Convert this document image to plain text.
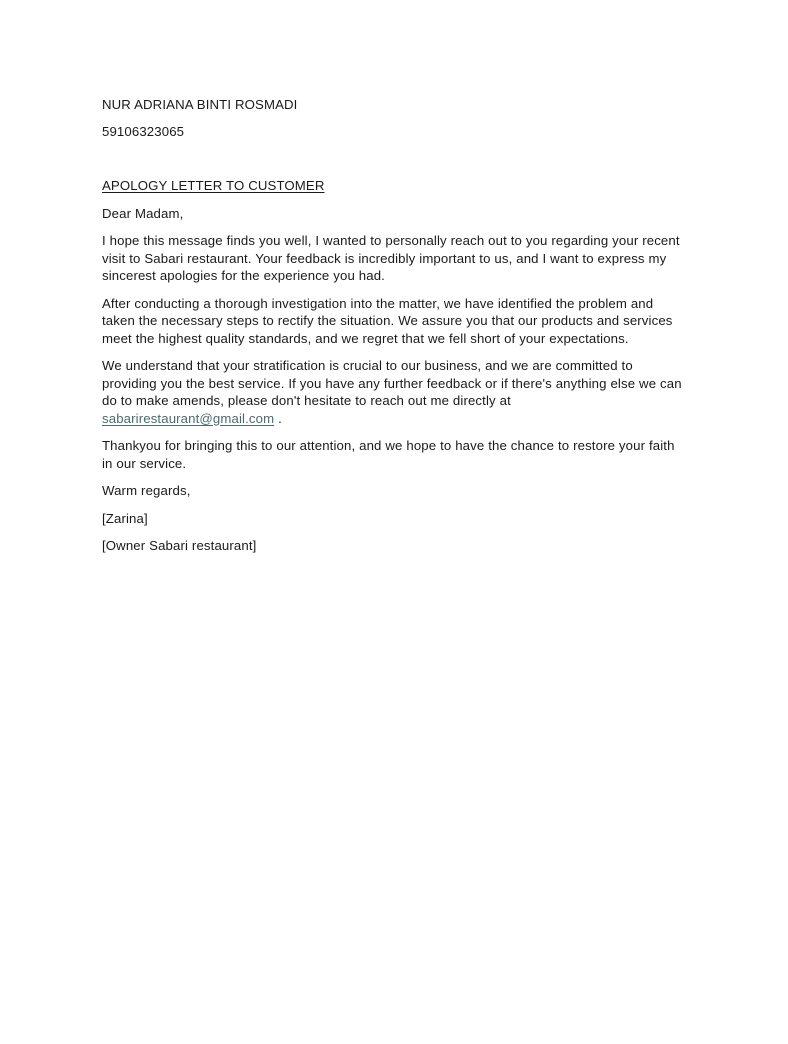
NUR ADRIANA BINTI ROSMADI

59106323065

APOLOGY LETTER TO CUSTOMER

Dear Madam,

I hope this message finds you well, I wanted to personally reach out to you regarding your recent visit to Sabari restaurant. Your feedback is incredibly important to us, and I want to express my sincerest apologies for the experience you had.

After conducting a thorough investigation into the matter, we have identified the problem and taken the necessary steps to rectify the situation. We assure you that our products and services meet the highest quality standards, and we regret that we fell short of your expectations.

We understand that your stratification is crucial to our business, and we are committed to providing you the best service. If you have any further feedback or if there's anything else we can do to make amends, please don't hesitate to reach out me directly at sabarirestaurant@gmail.com .

Thankyou for bringing this to our attention, and we hope to have the chance to restore your faith in our service.

Warm regards,

[Zarina]

[Owner Sabari restaurant]
